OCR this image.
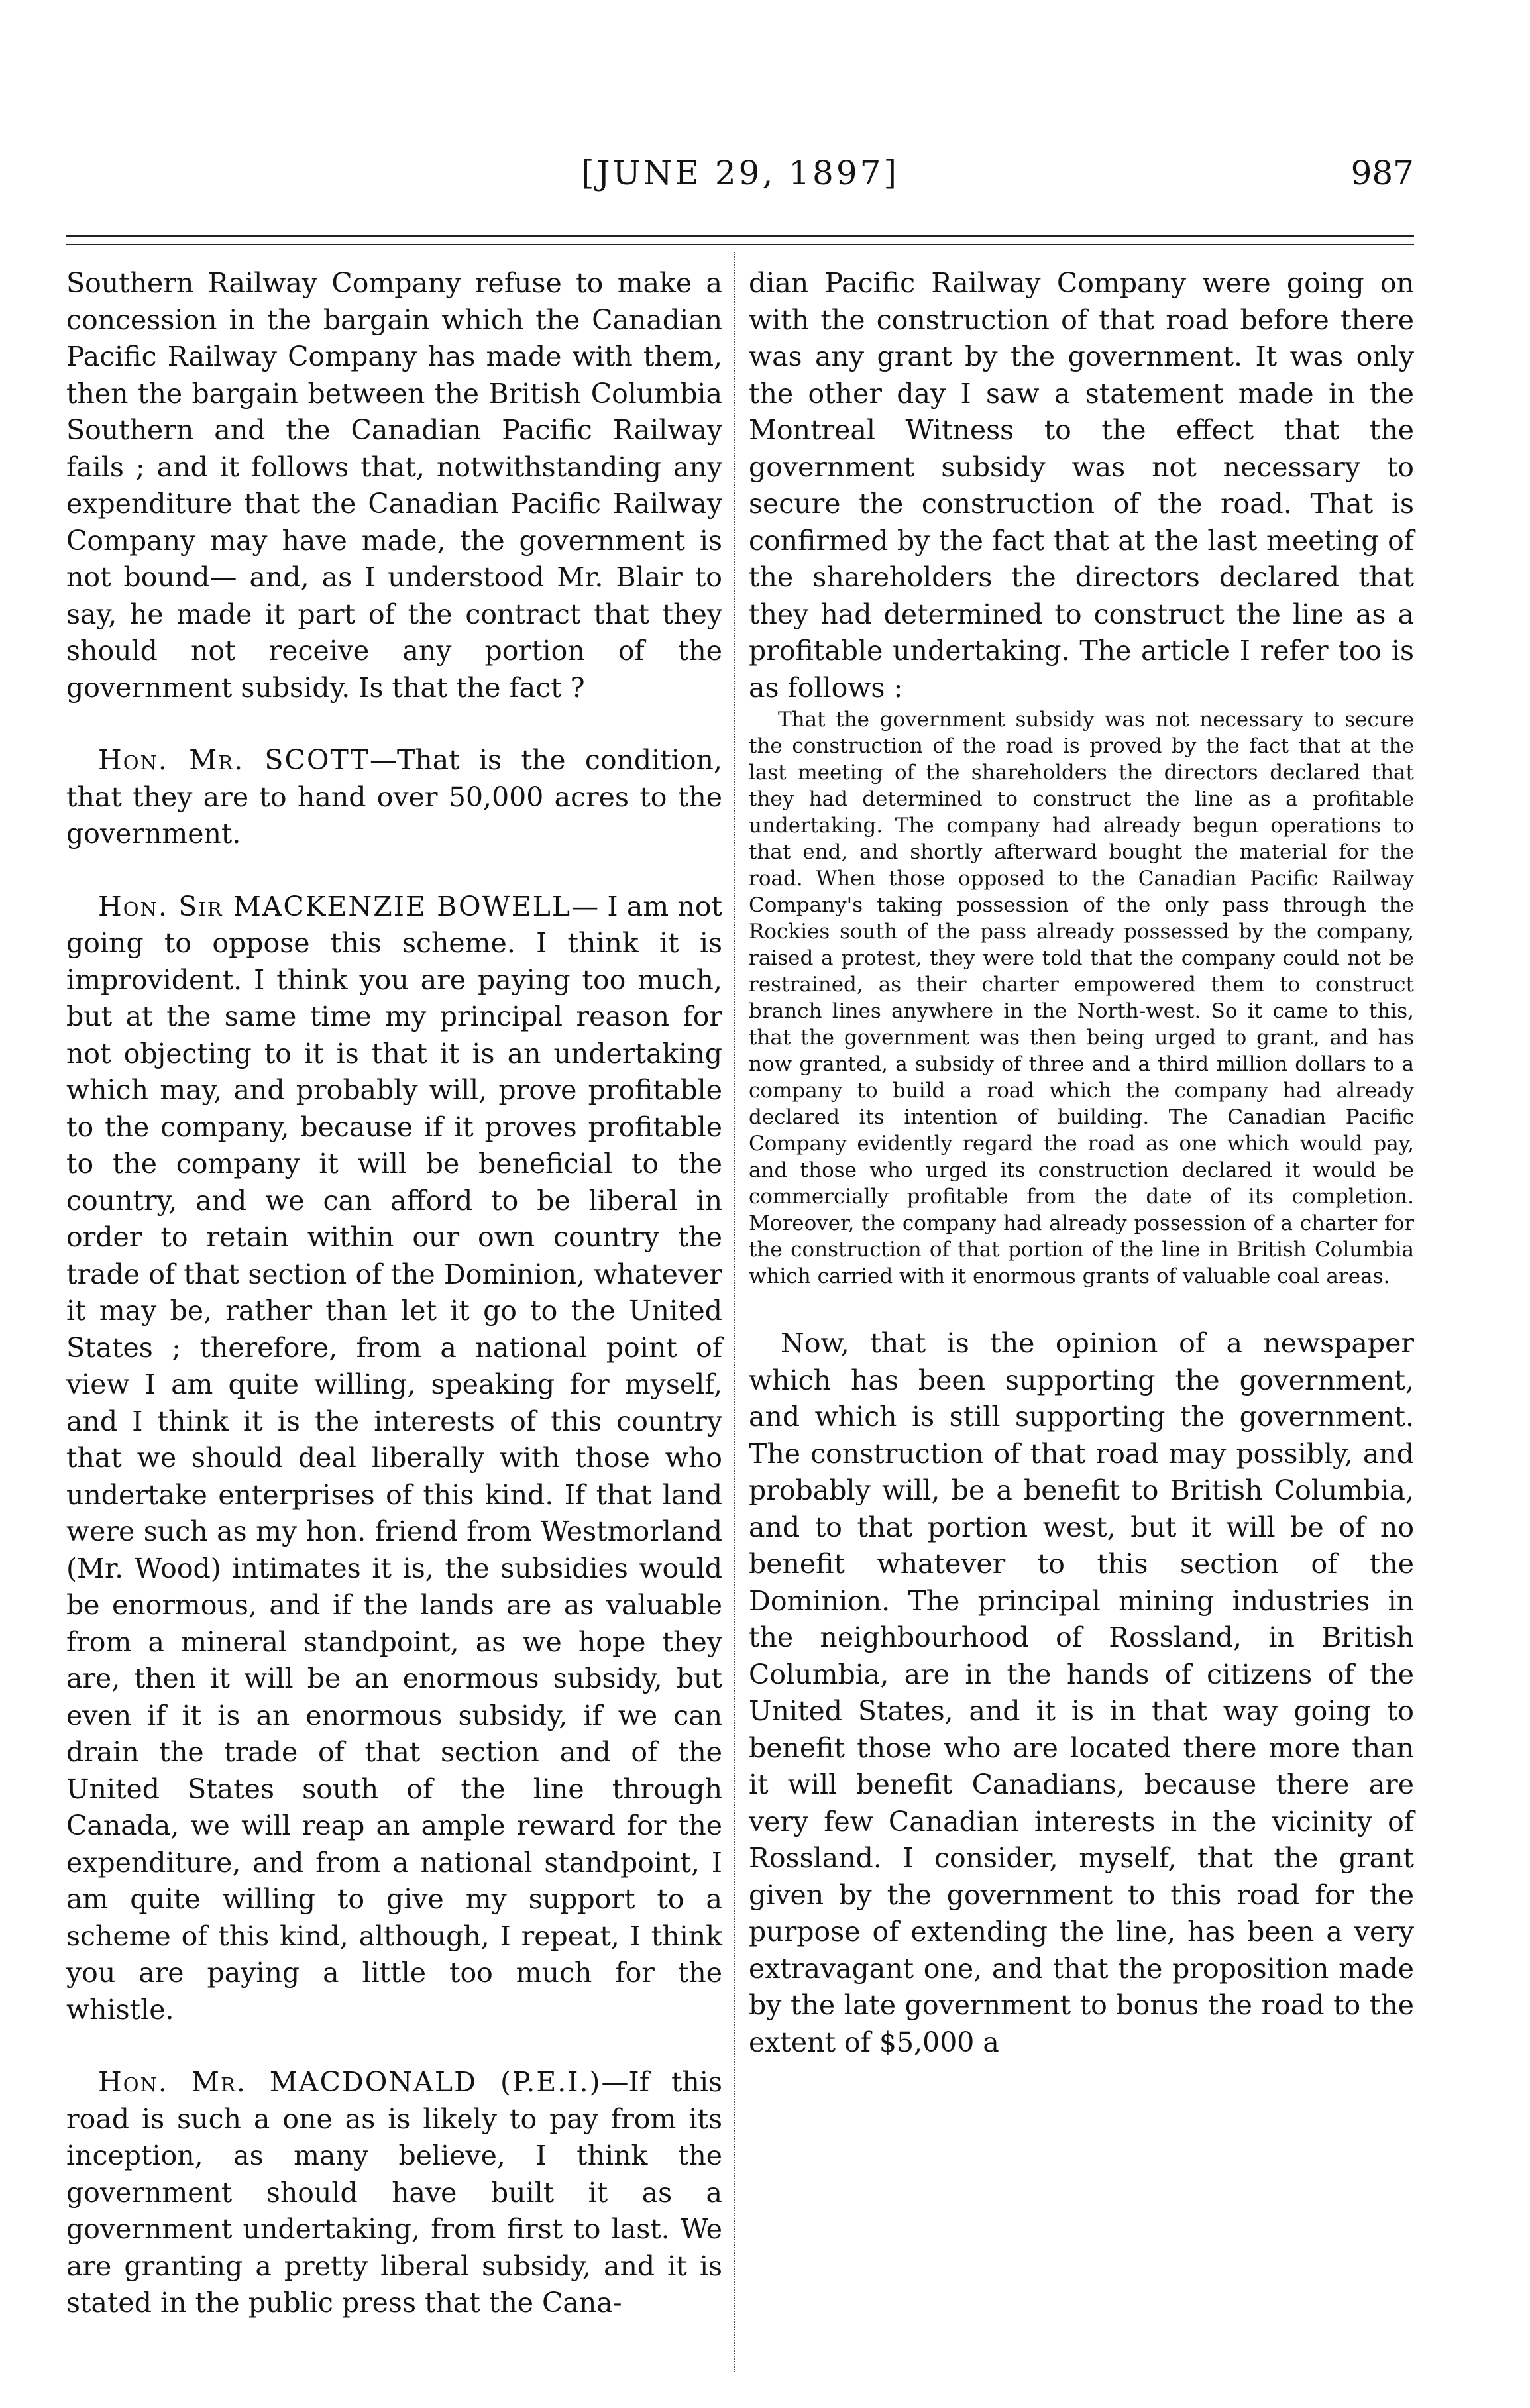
[JUNE 29, 1897]	987

Southern Railway Company refuse to make a concession in the bargain which the Canadian Pacific Railway Company has made with them, then the bargain between the British Columbia Southern and the Canadian Pacific Railway fails ; and it follows that, notwithstanding any expenditure that the Canadian Pacific Railway Company may have made, the government is not bound— and, as I understood Mr. Blair to say, he made it part of the contract that they should not receive any portion of the government subsidy. Is that the fact ?

Hon. Mr. SCOTT—That is the condition, that they are to hand over 50,000 acres to the government.

Hon. Sir MACKENZIE BOWELL— I am not going to oppose this scheme. I think it is improvident. I think you are paying too much, but at the same time my principal reason for not objecting to it is that it is an undertaking which may, and probably will, prove profitable to the company, because if it proves profitable to the company it will be beneficial to the country, and we can afford to be liberal in order to retain within our own country the trade of that section of the Dominion, whatever it may be, rather than let it go to the United States ; therefore, from a national point of view I am quite willing, speaking for myself, and I think it is the interests of this country that we should deal liberally with those who undertake enterprises of this kind. If that land were such as my hon. friend from Westmorland (Mr. Wood) intimates it is, the subsidies would be enormous, and if the lands are as valuable from a mineral standpoint, as we hope they are, then it will be an enormous subsidy, but even if it is an enormous subsidy, if we can drain the trade of that section and of the United States south of the line through Canada, we will reap an ample reward for the expenditure, and from a national standpoint, I am quite willing to give my support to a scheme of this kind, although, I repeat, I think you are paying a little too much for the whistle.

Hon. Mr. MACDONALD (P.E.I.)—If this road is such a one as is likely to pay from its inception, as many believe, I think the government should have built it as a government undertaking, from first to last. We are granting a pretty liberal subsidy, and it is stated in the public press that the Cana-

dian Pacific Railway Company were going on with the construction of that road before there was any grant by the government. It was only the other day I saw a statement made in the Montreal Witness to the effect that the government subsidy was not necessary to secure the construction of the road. That is confirmed by the fact that at the last meeting of the shareholders the directors declared that they had determined to construct the line as a profitable undertaking. The article I refer too is as follows :

That the government subsidy was not necessary to secure the construction of the road is proved by the fact that at the last meeting of the shareholders the directors declared that they had determined to construct the line as a profitable undertaking. The company had already begun operations to that end, and shortly afterward bought the material for the road. When those opposed to the Canadian Pacific Railway Company's taking possession of the only pass through the Rockies south of the pass already possessed by the company, raised a protest, they were told that the company could not be restrained, as their charter empowered them to construct branch lines anywhere in the North-west. So it came to this, that the government was then being urged to grant, and has now granted, a subsidy of three and a third million dollars to a company to build a road which the company had already declared its intention of building. The Canadian Pacific Company evidently regard the road as one which would pay, and those who urged its construction declared it would be commercially profitable from the date of its completion. Moreover, the company had already possession of a charter for the construction of that portion of the line in British Columbia which carried with it enormous grants of valuable coal areas.

Now, that is the opinion of a newspaper which has been supporting the government, and which is still supporting the government. The construction of that road may possibly, and probably will, be a benefit to British Columbia, and to that portion west, but it will be of no benefit whatever to this section of the Dominion. The principal mining industries in the neighbourhood of Rossland, in British Columbia, are in the hands of citizens of the United States, and it is in that way going to benefit those who are located there more than it will benefit Canadians, because there are very few Canadian interests in the vicinity of Rossland. I consider, myself, that the grant given by the government to this road for the purpose of extending the line, has been a very extravagant one, and that the proposition made by the late government to bonus the road to the extent of $5,000 a
